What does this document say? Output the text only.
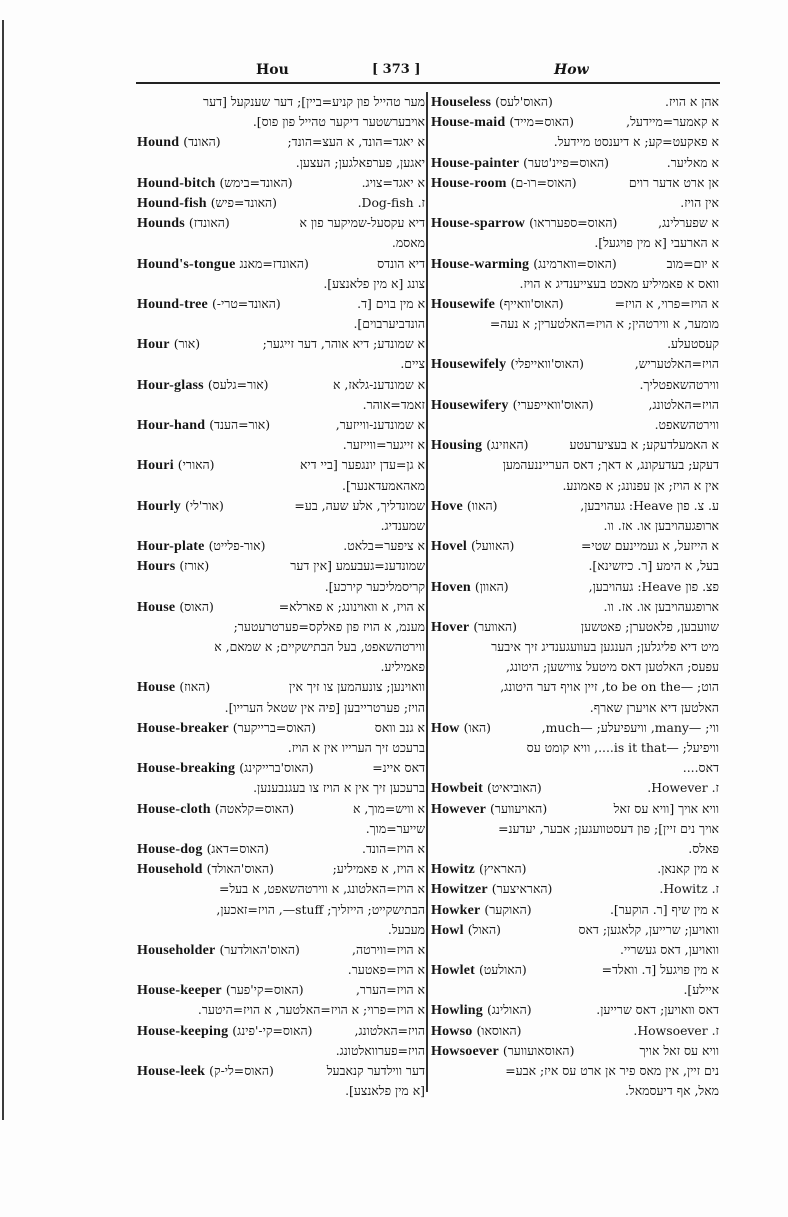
Hou	[ 373 ]	How
מער טהייל פון קניע=ביין]; דער שענקעל [דער
אויבערשטער דיקער טהייל פון פוס].
Hound (האונד)	א יאגד=הונד, א העצ=הונד;
יאגען, פערפאלגען; העצען.
Hound-bitch (האונד=בימש)	א יאגד=צויג.
Hound-fish (האונד=פיש)	ז. Dog-fish.
Hounds (האונדז)	דיא עקסעל-שמיקער פון א
מאסמ.
Hound's-tongue (האונדז=מאנג	דיא הונדס
צונג [א מין פלאנצע].
Hound-tree (האונד=טרי-)	א מין בוים [ד.
הונדביערבוים].
Hour (אור)	א שמונדע; דיא אוהר, דער זייגער;
ציים.
Hour-glass (אור=גלעס)	א שמונדענ-גלאז, א
זאמד=אוהר.
Hour-hand (אור=הענד)	א שמונדענ-ווייזער,
א זייגער=ווייזער.
Houri (האורי)	א גן=עדן יונגפער [ביי דיא
מאהאמעדאנער].
Hourly (אור'לי)	שמונדליך, אלע שעה, בע=
שמענדיג.
Hour-plate (אור-פלייט)	א ציפער=בלאט.
Hours (אורז)	שמונדענ=געבעמע [אין דער
קריסמליכער קירכע].
House (האוס)	א הויז, א וואוינונג; א פארלא=
מענמ, א הויז פון פאלקס=פערטרעטער;
ווירטהשאפט, בעל הבתישקיים; א שמאם, א
פאמיליע.
House (האוז)	וואוינען; צונעהמען צו זיך אין
הויז; פערטרייבען [פיה אין שטאל הערייו].
House-breaker (האוס=ברייקער)	א גנב וואס
ברעכט זיך הערייו אין א הויז.
House-breaking (האוס'ברייקינג)	דאס איינ=
ברעכען זיך אין א הויז צו בעגנבענען.
House-cloth (האוס=קלאטה)	א וויש=מוך, א
שייער=מוך.
House-dog (האוס=דאג)	א הויז=הונד.
Household (האוס'האולד)	א הויז, א פאמיליע;
א הויז=האלטונג, א ווירטהשאפט, א בעל=
הבתישקייט; הייזליך; stuff—, הויז=זאכען,
מעבעל.
Householder (האוס'האולדער)	א הויז=ווירטה,
א הויז=פאטער.
House-keeper (האוס=קי'פער)	א הויז=הערר,
א הויז=פרוי; א הויז=האלטער, א הויז=היטער.
House-keeping (האוס=קי-'פינג)	הויז=האלטונג,
הויז=פערוואלטונג.
House-leek (האוס=לי-ק)	דער ווילדער קנאבעל
[א מין פלאנצע].
Houseless (האוס'לעס)	אהן א הויז.
House-maid (האוס=מייד)	א קאמער=מיידעל,
א פאקעט=קע; א דיענסט מיידעל.
House-painter (האוס=פיינ'טער)	א מאליער.
House-room (האוס=רו-ם)	אן ארט אדער רוים
אין הויז.
House-sparrow (האוס=ספערראו)	א שפערלינג,
א הארעבי [א מין פויגעל].
House-warming (האוס=ווארמינג)	א יום=מוב
וואס א פאמיליע מאכט בעצייענדיג א הויז.
Housewife (האוס'וואייף)	א הויז=פרוי, א הויז=
מומער, א ווירטהין; א הויז=האלטערין; א נעה=
קעסטעלע.
Housewifely (האוס'וואייפלי)	הויז=האלטעריש,
ווירטהשאפטליך.
Housewifery (האוס'וואייפערי)	הויז=האלטונג,
ווירטהשאפט.
Housing (האוזינג)	א האמעלדעקע; א בעציערעטע
דעקע; בעדעקונג, א דאך; דאס הערייננעהמען
אין א הויז; אן עפנונג; א פאמונע.
Hove (האוו)	ע. צ. פון Heave: געהויבען,
ארופגעהויבען או. אז. וו.
Hovel (האוועל)	א הייזעל, א געמיינעם שטי=
בעל, א הימע [ר. כיזשינא].
Hoven (האוון)	פצ. פון Heave: געהויבען,
ארופגעהויבען או. אז. וו.
Hover (האווער)	שוועבען, פלאטערן; פאטשען
מיט דיא פליגלען; הענגען בעוועגענדיג זיך איבער
עפעס; האלטען דאס מיטעל צווישען; היטונג,
הוט; —to be on the, זיין אויף דער היטונג,
האלטען דיא אויערן שארף.
How (האו)	ווי; —many, וויעפיעלע; —much,
וויפיעל; —is it that...., וויא קומט עס
דאס....
Howbeit (האוביאיט)	ז. However.
However (האויעווער)	וויא אויך [וויא עס זאל
אויך נים זיין]; פון דעסטוועגען; אבער, יעדענ=
פאלס.
Howitz (האראיץ)	א מין קאנאן.
Howitzer (האראיצער)	ז. Howitz.
Howker (האוקער)	א מין שיף [ר. הוקער].
Howl (האול)	וואויען; שרייען, קלאגען; דאס
וואויען, דאס געשריי.
Howlet (האולעט)	א מין פויגעל [ד. וואלד=
איילע].
Howling (האולינג)	דאס וואויען; דאס שרייען.
Howso (האוסאו)	ז. Howsoever.
Howsoever (האוסאועווער)	וויא עס זאל אויך
נים זיין, אין מאס פיר אן ארט עס איז; אבע=
מאל, אף דיעסמאל.
